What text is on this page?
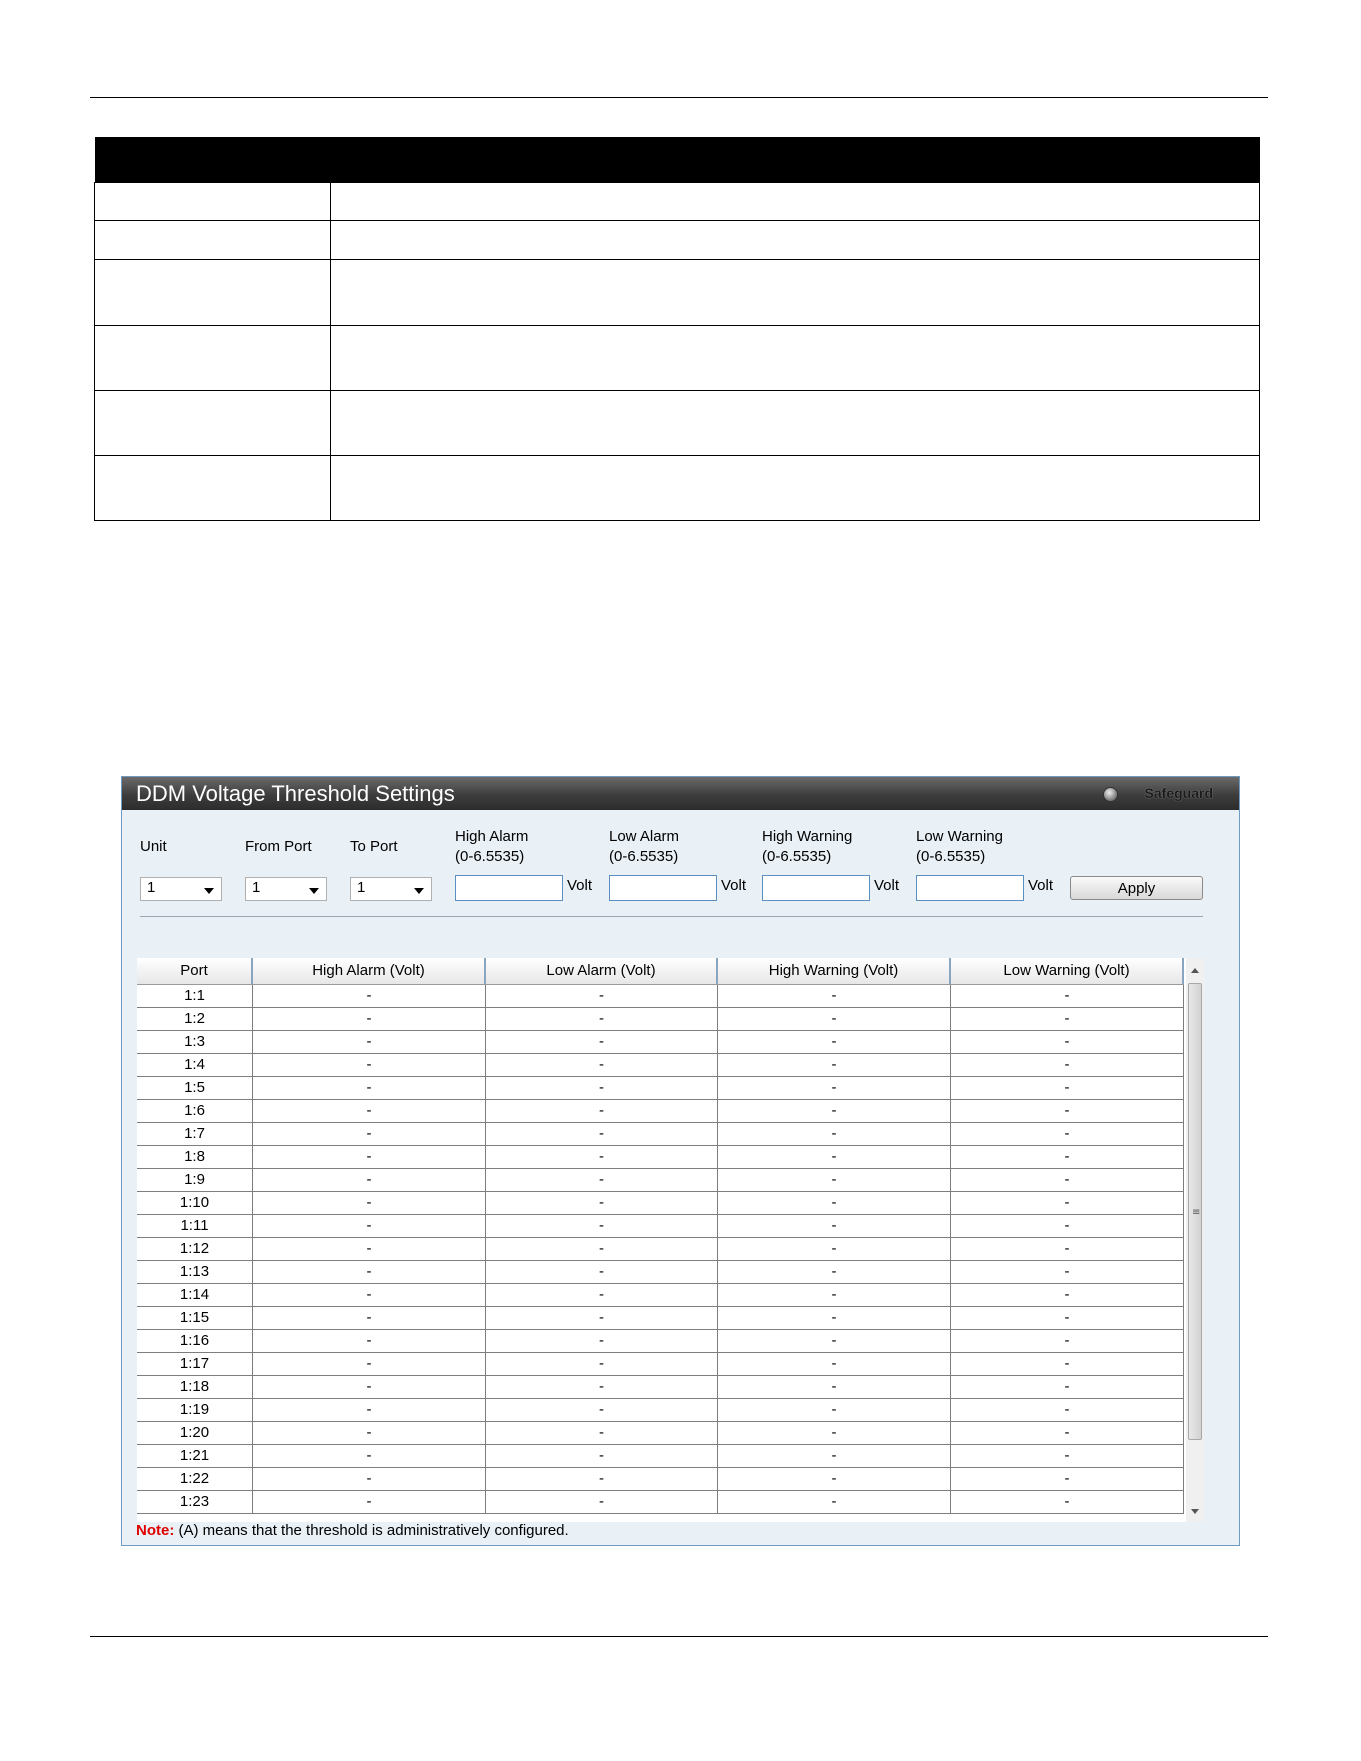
DDM Voltage Threshold Settings	Safeguard
Unit	From Port	To Port
High Alarm
(0-6.5535)
Low Alarm
(0-6.5535)
High Warning
(0-6.5535)
Low Warning
(0-6.5535)
1	1	1	Volt	Volt	Volt	Volt	Apply
Port	High Alarm (Volt)	Low Alarm (Volt)	High Warning (Volt)	Low Warning (Volt)
1:1	-	-	-	-
1:2	-	-	-	-
1:3	-	-	-	-
1:4	-	-	-	-
1:5	-	-	-	-
1:6	-	-	-	-
1:7	-	-	-	-
1:8	-	-	-	-
1:9	-	-	-	-
1:10	-	-	-	-
1:11	-	-	-	-
1:12	-	-	-	-
1:13	-	-	-	-
1:14	-	-	-	-
1:15	-	-	-	-
1:16	-	-	-	-
1:17	-	-	-	-
1:18	-	-	-	-
1:19	-	-	-	-
1:20	-	-	-	-
1:21	-	-	-	-
1:22	-	-	-	-
1:23	-	-	-	-
≡
Note: (A) means that the threshold is administratively configured.
